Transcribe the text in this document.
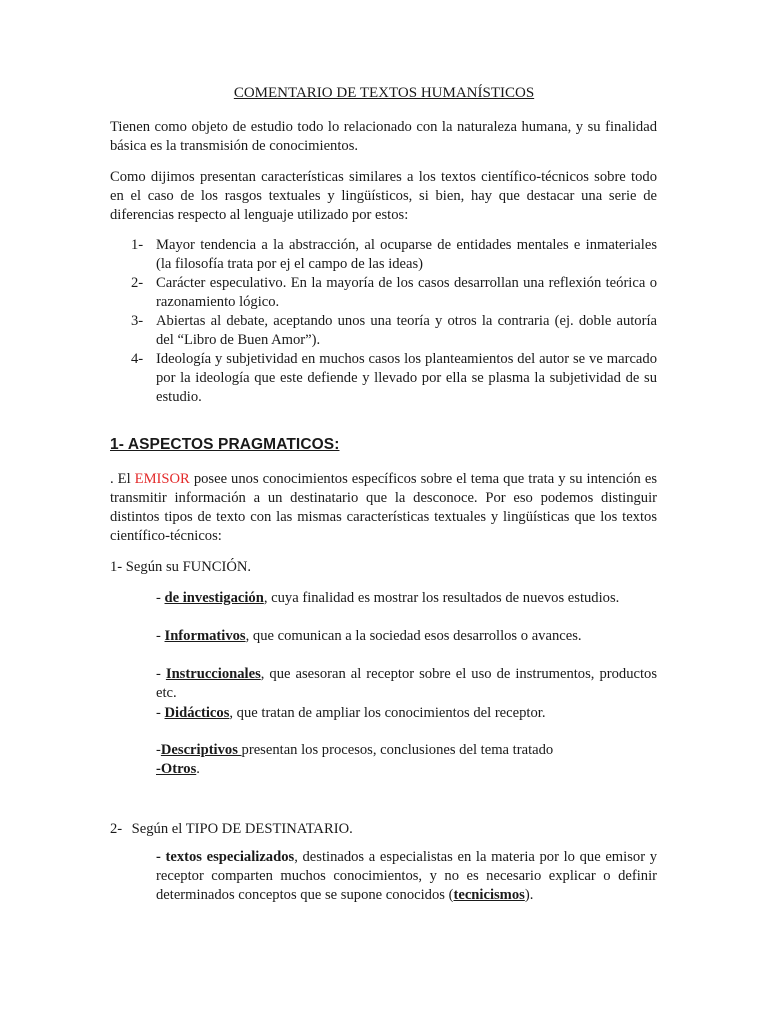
COMENTARIO DE TEXTOS HUMANÍSTICOS
Tienen como objeto de estudio todo lo relacionado con la naturaleza humana, y su finalidad básica es la transmisión de conocimientos.
Como dijimos presentan características similares a los textos científico-técnicos sobre todo en el caso de los rasgos textuales y lingüísticos, si bien, hay que destacar una serie de diferencias respecto al lenguaje utilizado por estos:
1- Mayor tendencia a la abstracción, al ocuparse de entidades mentales e inmateriales (la filosofía trata por ej el campo de las ideas)
2- Carácter especulativo. En la mayoría de los casos desarrollan una reflexión teórica o razonamiento lógico.
3- Abiertas al debate, aceptando unos una teoría y otros la contraria (ej. doble autoría del “Libro de Buen Amor”).
4- Ideología y subjetividad en muchos casos los planteamientos del autor se ve marcado por la ideología que este defiende y llevado por ella se plasma la subjetividad de su estudio.
1- ASPECTOS PRAGMATICOS:
. El EMISOR posee unos conocimientos específicos sobre el tema que trata y su intención es transmitir información a un destinatario que la desconoce. Por eso podemos distinguir distintos tipos de texto con las mismas características textuales y lingüísticas que los textos científico-técnicos:
1- Según su FUNCIÓN.
- de investigación, cuya finalidad es mostrar los resultados de nuevos estudios.
- Informativos, que comunican a la sociedad esos desarrollos o avances.
- Instruccionales, que asesoran al receptor sobre el uso de instrumentos, productos etc.
- Didácticos, que tratan de ampliar los conocimientos del receptor.
-Descriptivos presentan los procesos, conclusiones del tema tratado
-Otros.
2- Según el TIPO DE DESTINATARIO.
- textos especializados, destinados a especialistas en la materia por lo que emisor y receptor comparten muchos conocimientos, y no es necesario explicar o definir determinados conceptos que se supone conocidos (tecnicismos).
